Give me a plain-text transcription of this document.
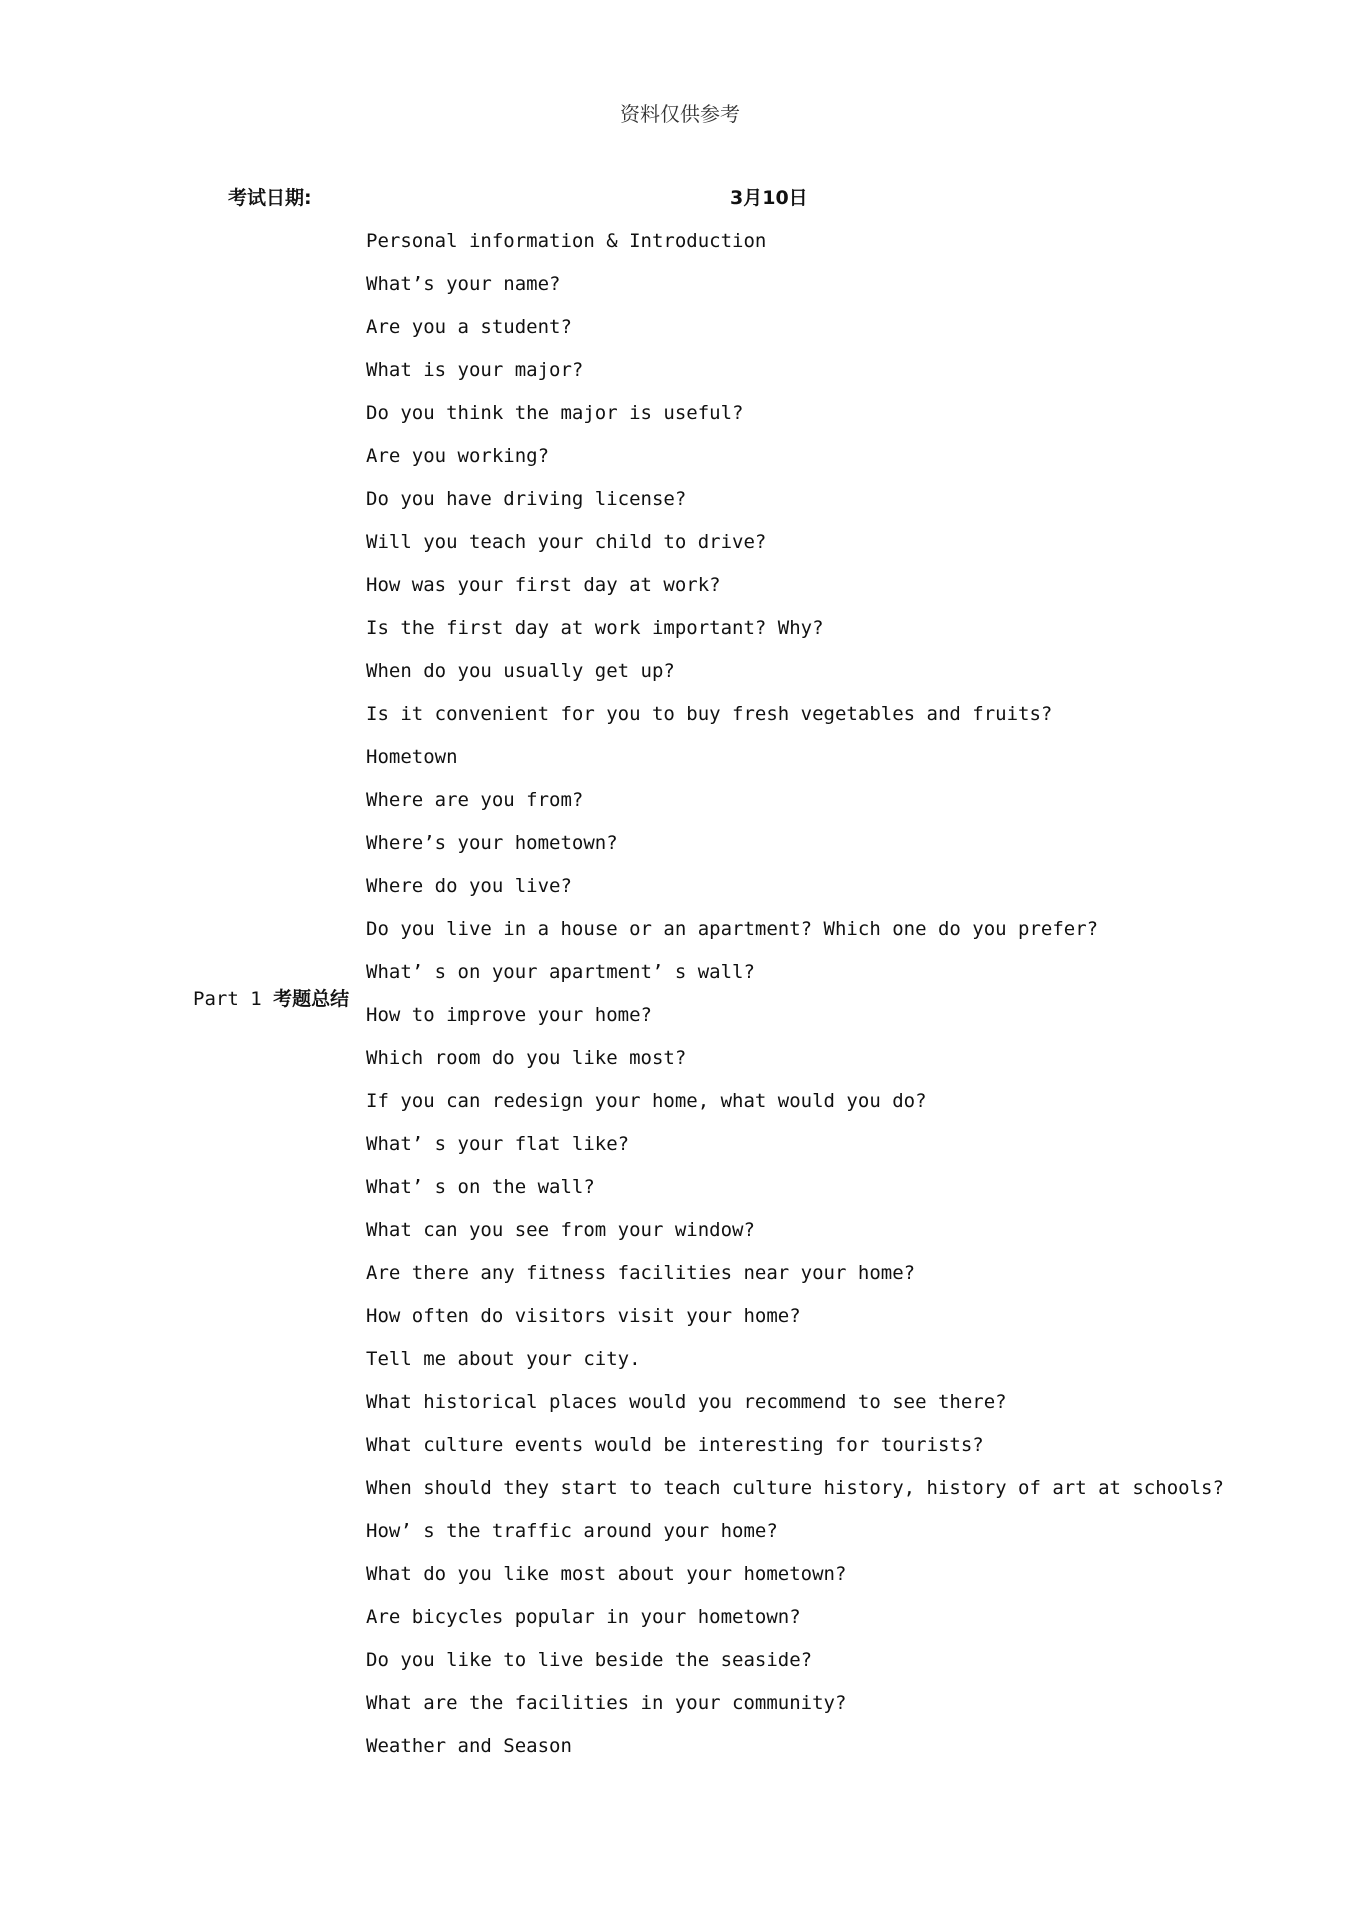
资料仅供参考
考试日期:	3月10日
Part 1 考题总结
Personal information & Introduction
What’s your name?
Are you a student?
What is your major?
Do you think the major is useful?
Are you working?
Do you have driving license?
Will you teach your child to drive?
How was your first day at work?
Is the first day at work important? Why?
When do you usually get up?
Is it convenient for you to buy fresh vegetables and fruits?
Hometown
Where are you from?
Where’s your hometown?
Where do you live?
Do you live in a house or an apartment? Which one do you prefer?
What’ s on your apartment’ s wall?
How to improve your home?
Which room do you like most?
If you can redesign your home, what would you do?
What’ s your flat like?
What’ s on the wall?
What can you see from your window?
Are there any fitness facilities near your home?
How often do visitors visit your home?
Tell me about your city.
What historical places would you recommend to see there?
What culture events would be interesting for tourists?
When should they start to teach culture history, history of art at schools?
How’ s the traffic around your home?
What do you like most about your hometown?
Are bicycles popular in your hometown?
Do you like to live beside the seaside?
What are the facilities in your community?
Weather and Season
